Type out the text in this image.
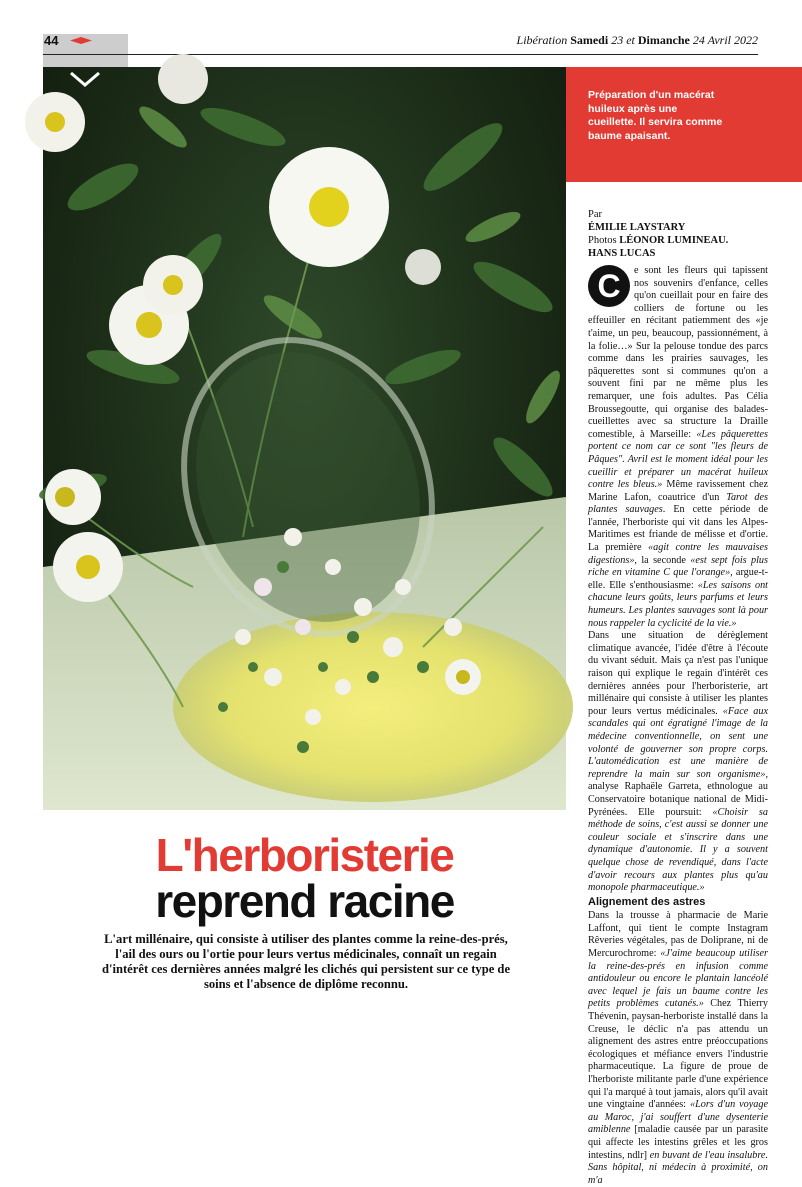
44	Libération Samedi 23 et Dimanche 24 Avril 2022
Préparation d'un macérat huileux après une cueillette. Il servira comme baume apaisant.
Par
ÉMILIE LAYSTARY
Photos LÉONOR LUMINEAU.
HANS LUCAS

C	e sont les fleurs qui tapissent nos souvenirs d'enfance, celles qu'on cueillait pour en faire des colliers de fortune ou les effeuiller en récitant patiemment des «je t'aime, un peu, beaucoup, passionnément, à la folie…» Sur la pelouse tondue des parcs comme dans les prairies sauvages, les pâquerettes sont si communes qu'on a souvent fini par ne même plus les remarquer, une fois adultes. Pas Célia Broussegoutte, qui organise des balades-cueillettes avec sa structure la Draille comestible, à Marseille: «Les pâquerettes portent ce nom car ce sont "les fleurs de Pâques". Avril est le moment idéal pour les cueillir et préparer un macérat huileux contre les bleus.» Même ravissement chez Marine Lafon, coautrice d'un Tarot des plantes sauvages. En cette période de l'année, l'herboriste qui vit dans les Alpes-Maritimes est friande de mélisse et d'ortie. La première «agit contre les mauvaises digestions», la seconde «est sept fois plus riche en vitamine C que l'orange», argue-t-elle. Elle s'enthousiasme: «Les saisons ont chacune leurs goûts, leurs parfums et leurs humeurs. Les plantes sauvages sont là pour nous rappeler la cyclicité de la vie.»

Dans une situation de dérèglement climatique avancée, l'idée d'être à l'écoute du vivant séduit. Mais ça n'est pas l'unique raison qui explique le regain d'intérêt ces dernières années pour l'herboristerie, art millénaire qui consiste à utiliser les plantes pour leurs vertus médicinales. «Face aux scandales qui ont égratigné l'image de la médecine conventionnelle, on sent une volonté de gouverner son propre corps. L'automédication est une manière de reprendre la main sur son organisme», analyse Raphaële Garreta, ethnologue au Conservatoire botanique national de Midi-Pyrénées. Elle poursuit: «Choisir sa méthode de soins, c'est aussi se donner une couleur sociale et s'inscrire dans une dynamique d'autonomie. Il y a souvent quelque chose de revendiqué, dans l'acte d'avoir recours aux plantes plus qu'au monopole pharmaceutique.»

Alignement des astres

Dans la trousse à pharmacie de Marie Laffont, qui tient le compte Instagram Rêveries végétales, pas de Doliprane, ni de Mercurochrome: «J'aime beaucoup utiliser la reine-des-prés en infusion comme antidouleur ou encore le plantain lancéolé avec lequel je fais un baume contre les petits problèmes cutanés.» Chez Thierry Thévenin, paysan-herboriste installé dans la Creuse, le déclic n'a pas attendu un alignement des astres entre préoccupations écologiques et méfiance envers l'industrie pharmaceutique. La figure de proue de l'herboriste militante parle d'une expérience qui l'a marqué à tout jamais, alors qu'il avait une vingtaine d'années: «Lors d'un voyage au Maroc, j'ai souffert d'une dysenterie amiblenne [maladie causée par un parasite qui affecte les intestins grêles et les gros intestins, ndlr] en buvant de l'eau insalubre. Sans hôpital, ni médecin à proximité, on m'a

L'herboristerie
reprend racine
L'art millénaire, qui consiste à utiliser des plantes comme la reine-des-prés, l'ail des ours ou l'ortie pour leurs vertus médicinales, connaît un regain d'intérêt ces dernières années malgré les clichés qui persistent sur ce type de soins et l'absence de diplôme reconnu.
